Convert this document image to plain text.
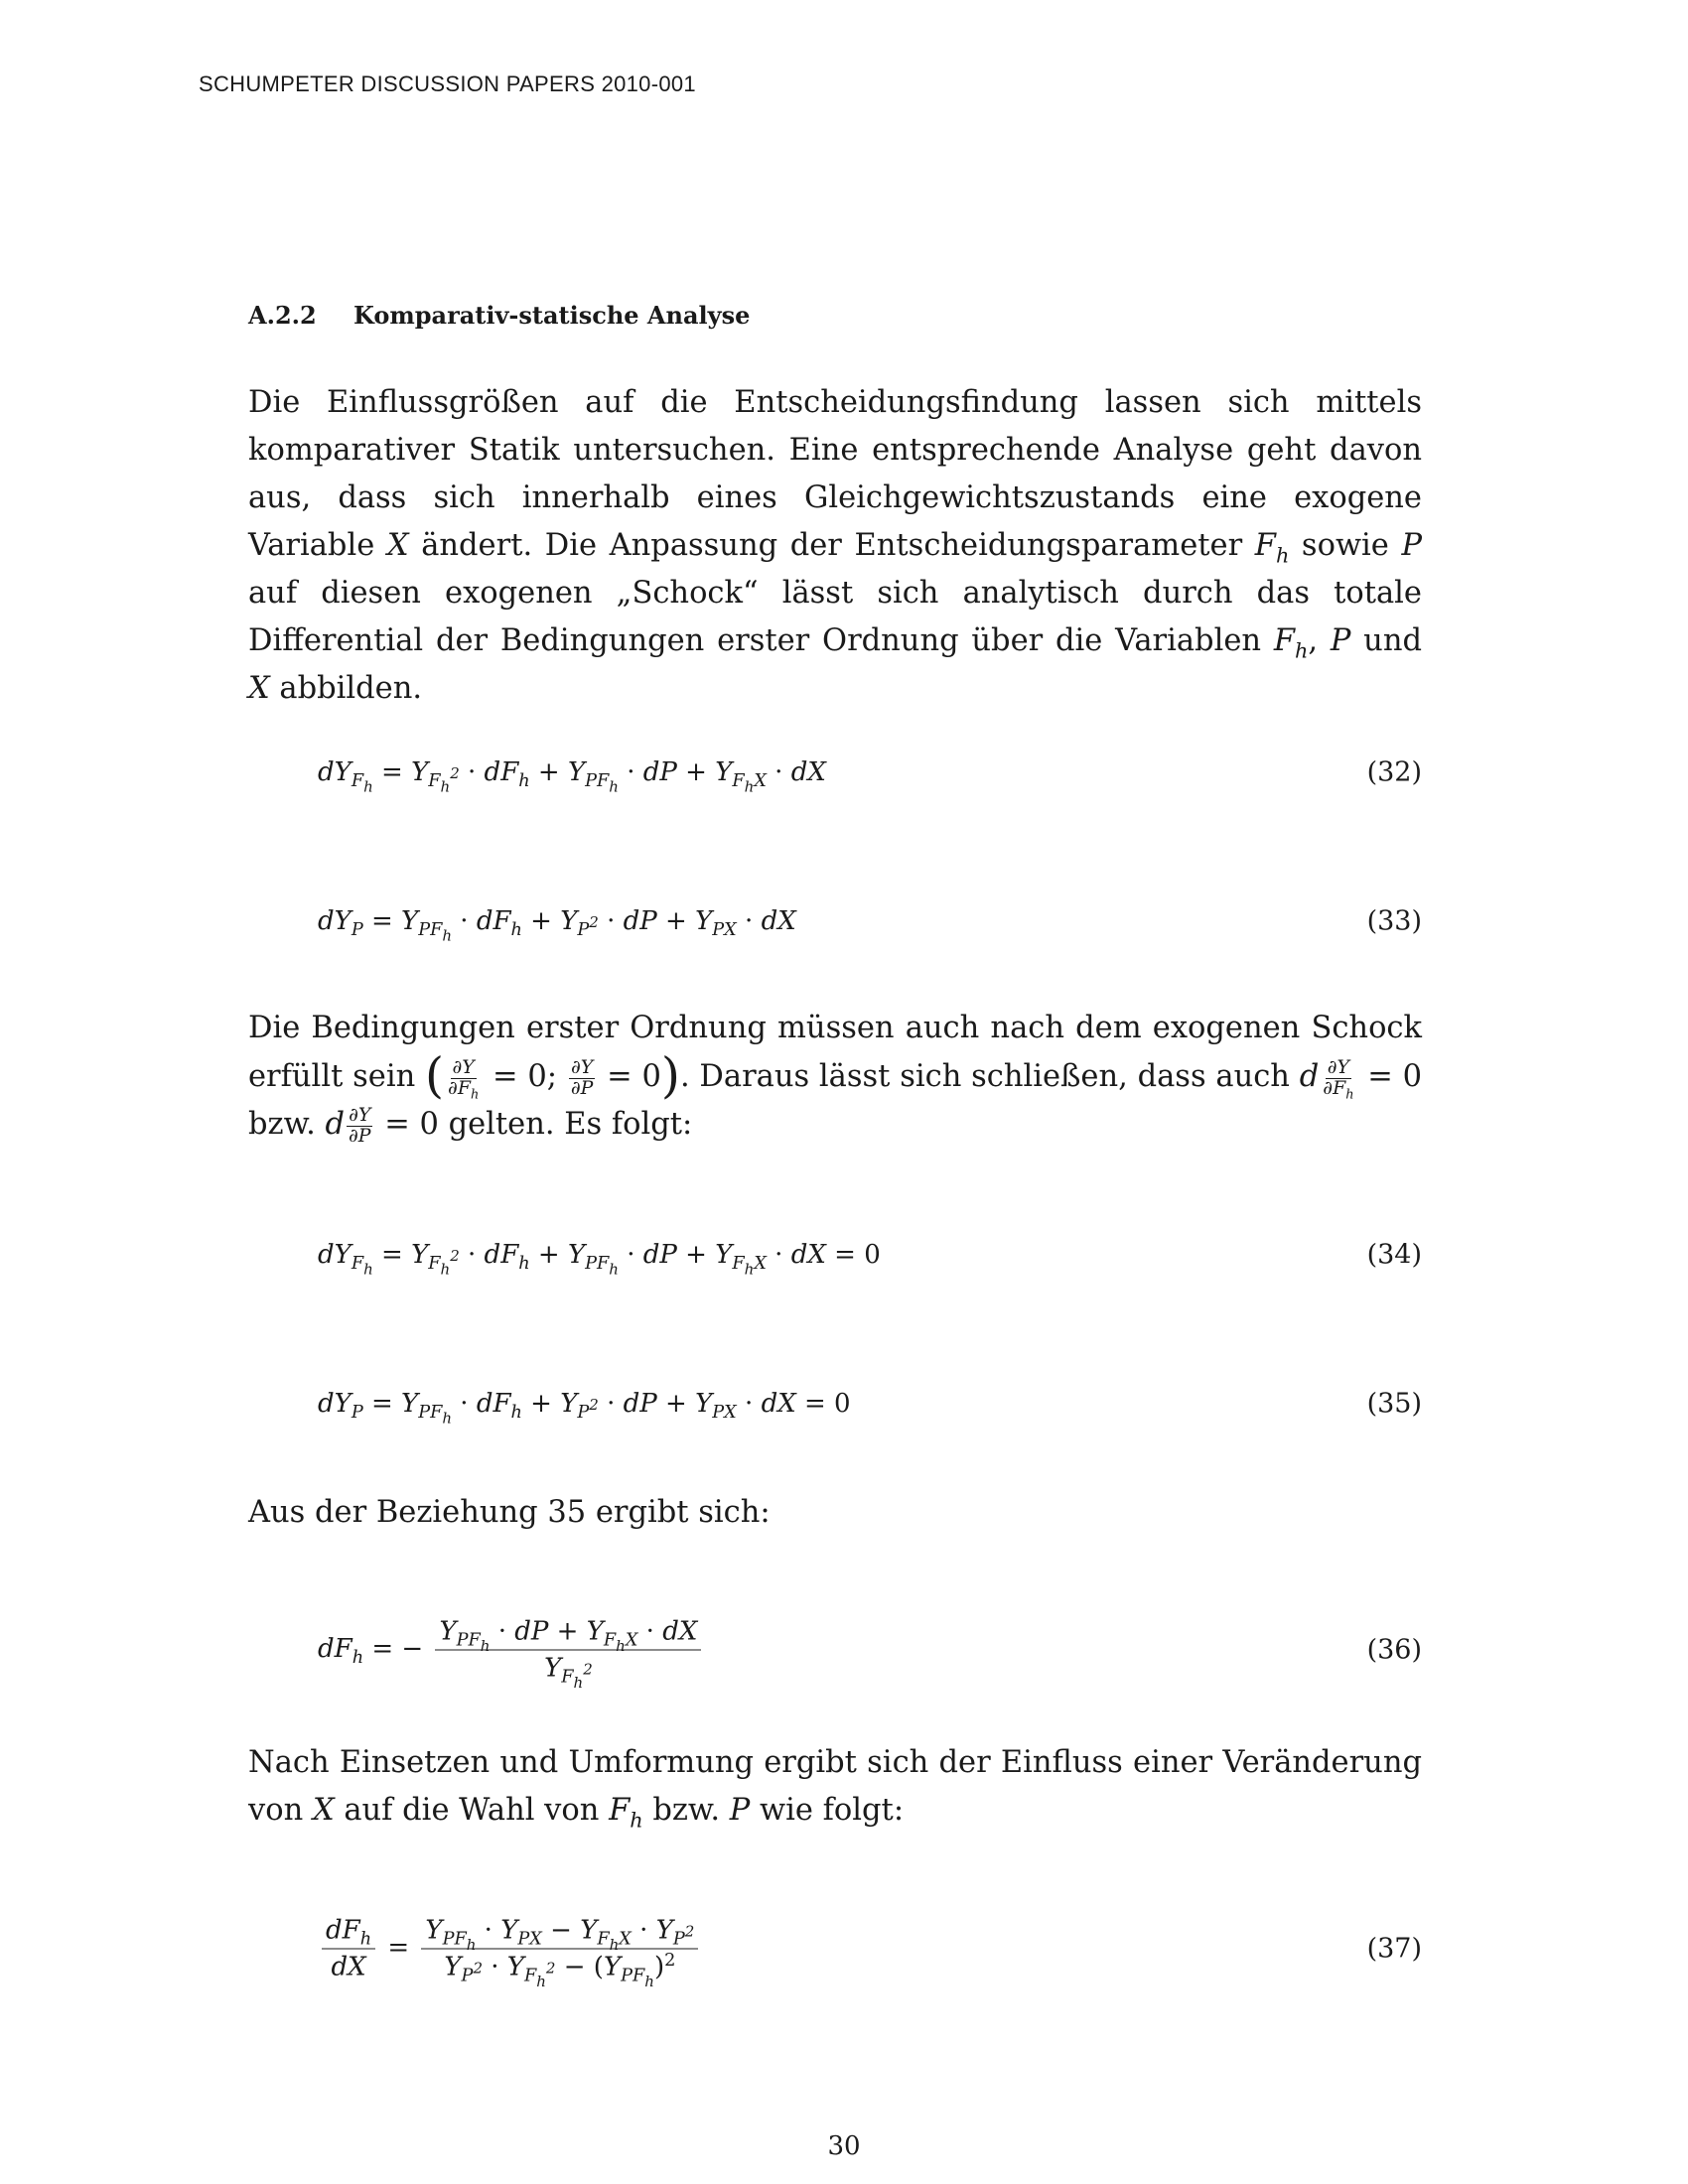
SCHUMPETER DISCUSSION PAPERS 2010-001
A.2.2 Komparativ-statische Analyse

Die Einflussgrößen auf die Entscheidungsfindung lassen sich mittels komparativer Statik untersuchen. Eine entsprechende Analyse geht davon aus, dass sich innerhalb eines Gleichgewichtszustands eine exogene Variable X ändert. Die Anpassung der Entscheidungsparameter $F_h$ sowie P auf diesen exogenen „Schock“ lässt sich analytisch durch das totale Differential der Bedingungen erster Ordnung über die Variablen $F_h$, P und X abbilden.

$dY_{F_h} = Y_{F_h^2} \cdot dF_h + Y_{PF_h}$ · dP + $Y_{F_hX}$ · dX	(32)
$dY_P = Y_{PF_h} \cdot dF_h + Y_{P^2}$ · dP + $Y_{PX}$ · dX	(33)

Die Bedingungen erster Ordnung müssen auch nach dem exogenen Schock erfüllt sein ( $\frac{\partial Y}{\partial F_h} = 0$; $\frac{\partial Y}{\partial P} = 0$). Daraus lässt sich schließen, dass auch d $\frac{\partial Y}{\partial F_h} = 0$ bzw. d $\frac{\partial Y}{\partial P} = 0$ gelten. Es folgt:

$dY_{F_h} = Y_{F_h^2} \cdot dF_h + Y_{PF_h}$ · dP + $Y_{F_hX}$ · dX = 0	(34)
$dY_P = Y_{PF_h} \cdot dF_h + Y_{P^2}$ · dP + $Y_{PX}$ · dX = 0	(35)

Aus der Beziehung 35 ergibt sich:

$dF_h$ = − $\frac{Y_{PF_h} \cdot dP + Y_{F_hX} \cdot dX}{Y_{F_h^2}}$	(36)

Nach Einsetzen und Umformung ergibt sich der Einfluss einer Veränderung von X auf die Wahl von $F_h$ bzw. P wie folgt:

$\frac{dF_h}{dX} = \frac{Y_{PF_h} \cdot Y_{PX} - Y_{F_hX} \cdot Y_{P^2}}{Y_{P^2} \cdot Y_{F_h^2} - (Y_{PF_h})^2}$	(37)
30
